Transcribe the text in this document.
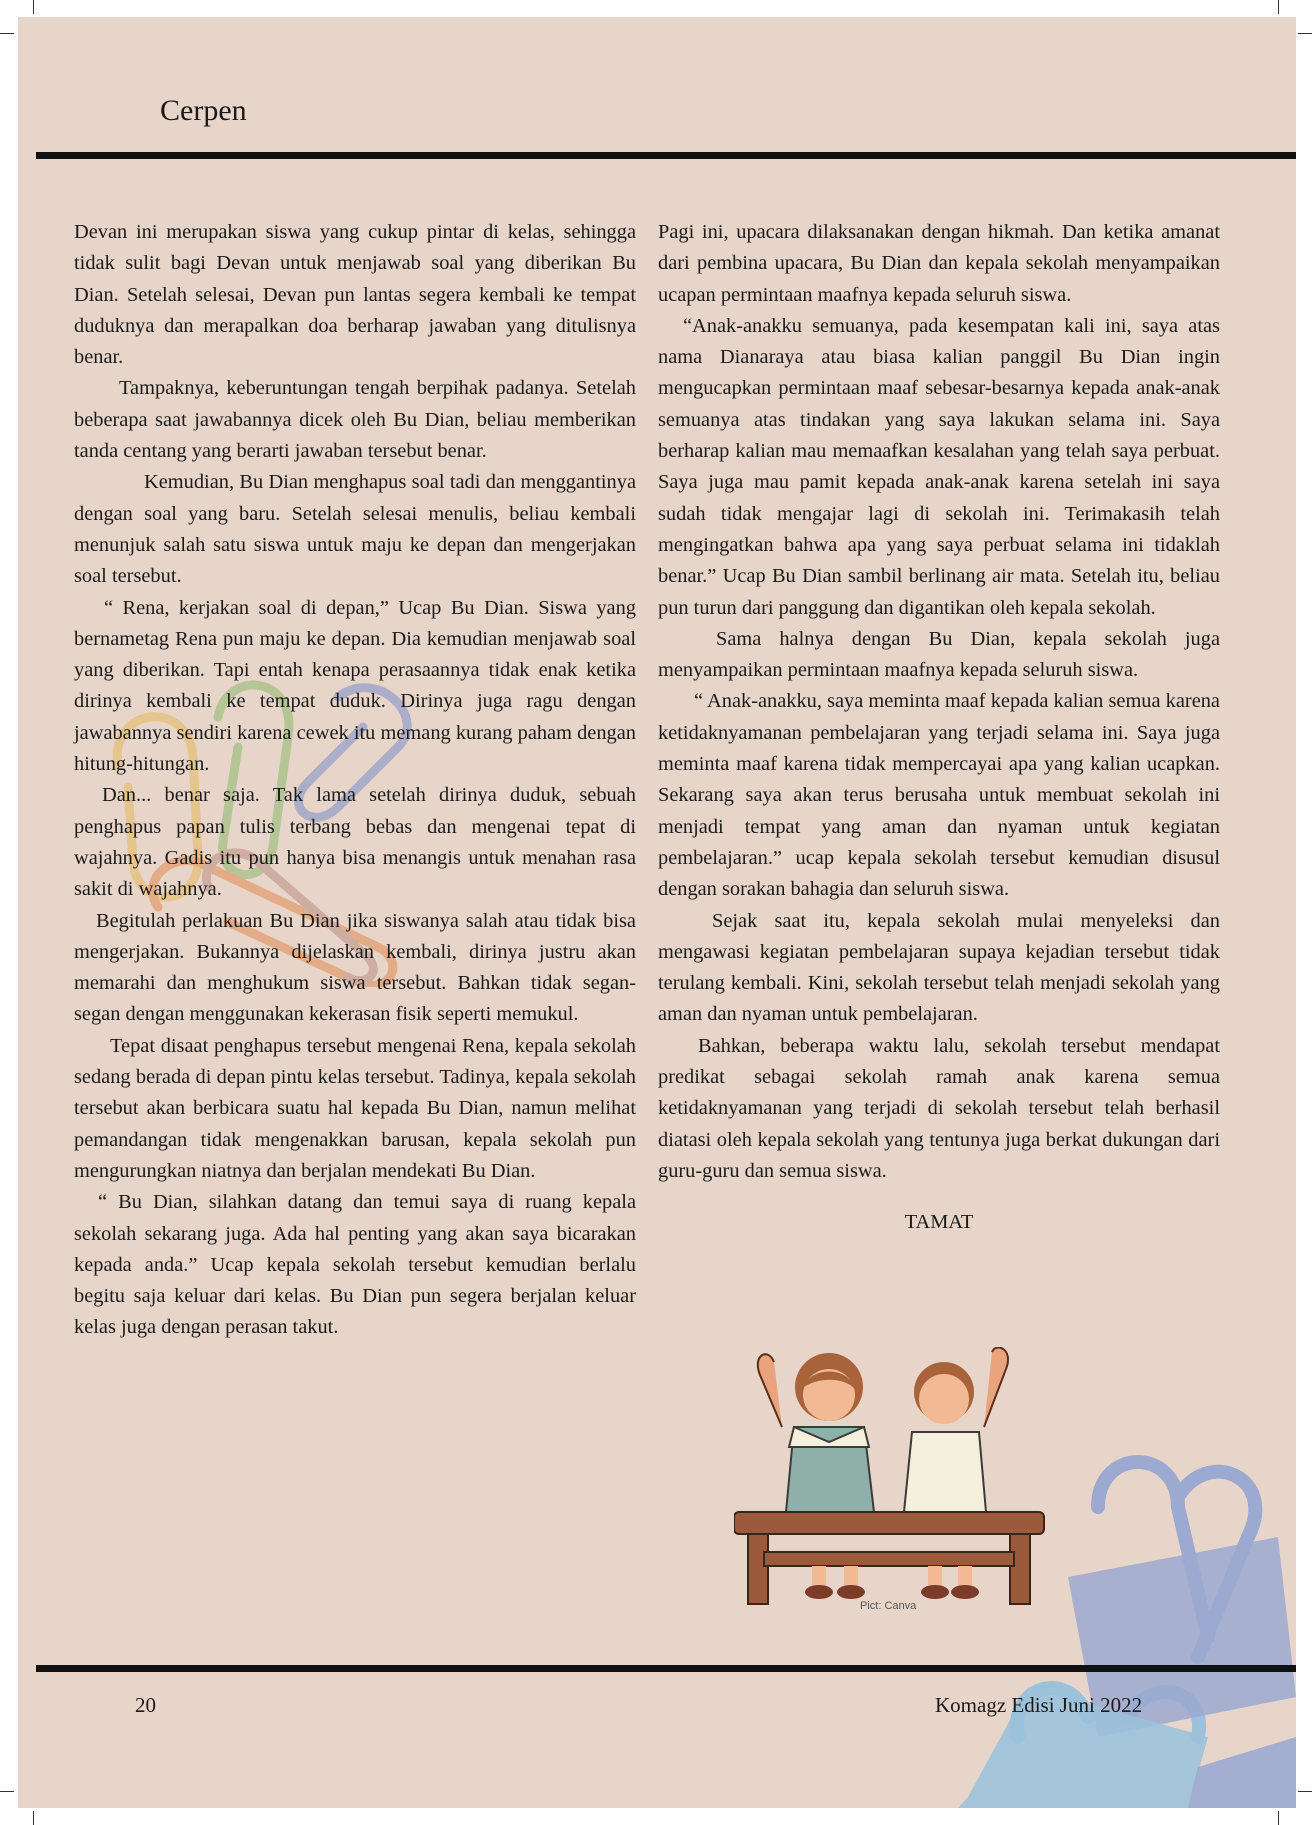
Cerpen

Devan ini merupakan siswa yang cukup pintar di kelas, sehingga tidak sulit bagi Devan untuk menjawab soal yang diberikan Bu Dian. Setelah selesai, Devan pun lantas segera kembali ke tempat duduknya dan merapalkan doa berharap jawaban yang ditulisnya benar.

Tampaknya, keberuntungan tengah berpihak padanya. Setelah beberapa saat jawabannya dicek oleh Bu Dian, beliau memberikan tanda centang yang berarti jawaban tersebut benar.

Kemudian, Bu Dian menghapus soal tadi dan menggantinya dengan soal yang baru. Setelah selesai menulis, beliau kembali menunjuk salah satu siswa untuk maju ke depan dan mengerjakan soal tersebut.

“ Rena, kerjakan soal di depan,” Ucap Bu Dian. Siswa yang bernametag Rena pun maju ke depan. Dia kemudian menjawab soal yang diberikan. Tapi entah kenapa perasaannya tidak enak ketika dirinya kembali ke tempat duduk. Dirinya juga ragu dengan jawabannya sendiri karena cewek itu memang kurang paham dengan hitung-hitungan.

Dan... benar saja. Tak lama setelah dirinya duduk, sebuah penghapus papan tulis terbang bebas dan mengenai tepat di wajahnya. Gadis itu pun hanya bisa menangis untuk menahan rasa sakit di wajahnya.

Begitulah perlakuan Bu Dian jika siswanya salah atau tidak bisa mengerjakan. Bukannya dijelaskan kembali, dirinya justru akan memarahi dan menghukum siswa tersebut. Bahkan tidak segan-segan dengan menggunakan kekerasan fisik seperti memukul.

Tepat disaat penghapus tersebut mengenai Rena, kepala sekolah sedang berada di depan pintu kelas tersebut. Tadinya, kepala sekolah tersebut akan berbicara suatu hal kepada Bu Dian, namun melihat pemandangan tidak mengenakkan barusan, kepala sekolah pun mengurungkan niatnya dan berjalan mendekati Bu Dian.

“ Bu Dian, silahkan datang dan temui saya di ruang kepala sekolah sekarang juga. Ada hal penting yang akan saya bicarakan kepada anda.” Ucap kepala sekolah tersebut kemudian berlalu begitu saja keluar dari kelas. Bu Dian pun segera berjalan keluar kelas juga dengan perasan takut.

Pagi ini, upacara dilaksanakan dengan hikmah. Dan ketika amanat dari pembina upacara, Bu Dian dan kepala sekolah menyampaikan ucapan permintaan maafnya kepada seluruh siswa.

“Anak-anakku semuanya, pada kesempatan kali ini, saya atas nama Dianaraya atau biasa kalian panggil Bu Dian ingin mengucapkan permintaan maaf sebesar-besarnya kepada anak-anak semuanya atas tindakan yang saya lakukan selama ini. Saya berharap kalian mau memaafkan kesalahan yang telah saya perbuat. Saya juga mau pamit kepada anak-anak karena setelah ini saya sudah tidak mengajar lagi di sekolah ini. Terimakasih telah mengingatkan bahwa apa yang saya perbuat selama ini tidaklah benar.” Ucap Bu Dian sambil berlinang air mata. Setelah itu, beliau pun turun dari panggung dan digantikan oleh kepala sekolah.

Sama halnya dengan Bu Dian, kepala sekolah juga menyampaikan permintaan maafnya kepada seluruh siswa.

“ Anak-anakku, saya meminta maaf kepada kalian semua karena ketidaknyamanan pembelajaran yang terjadi selama ini. Saya juga meminta maaf karena tidak mempercayai apa yang kalian ucapkan. Sekarang saya akan terus berusaha untuk membuat sekolah ini menjadi tempat yang aman dan nyaman untuk kegiatan pembelajaran.” ucap kepala sekolah tersebut kemudian disusul dengan sorakan bahagia dan seluruh siswa.

Sejak saat itu, kepala sekolah mulai menyeleksi dan mengawasi kegiatan pembelajaran supaya kejadian tersebut tidak terulang kembali. Kini, sekolah tersebut telah menjadi sekolah yang aman dan nyaman untuk pembelajaran.

Bahkan, beberapa waktu lalu, sekolah tersebut mendapat predikat sebagai sekolah ramah anak karena semua ketidaknyamanan yang terjadi di sekolah tersebut telah berhasil diatasi oleh kepala sekolah yang tentunya juga berkat dukungan dari guru-guru dan semua siswa.

TAMAT

Pict: Canva
20	Komagz Edisi Juni 2022
